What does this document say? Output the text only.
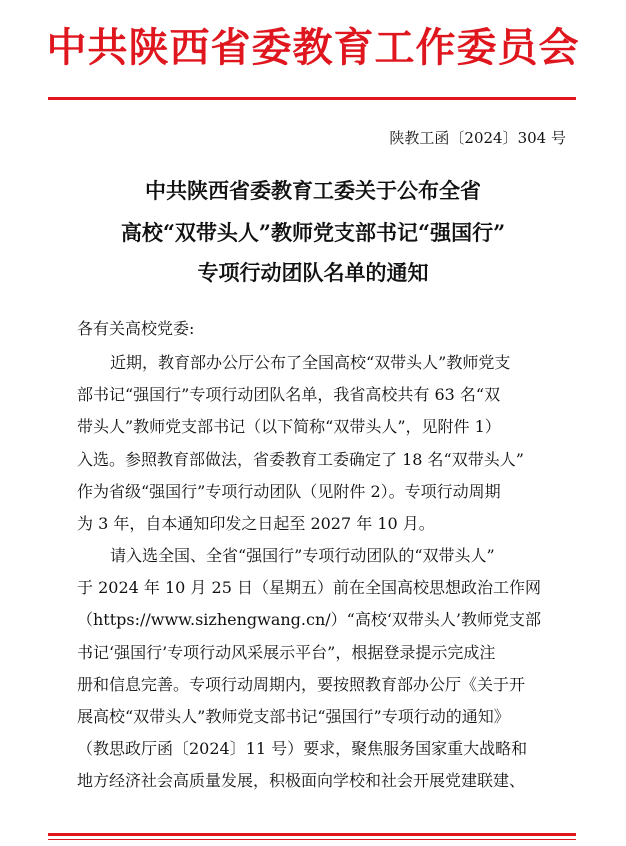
中共陕西省委教育工作委员会
陕教工函〔2024〕304 号
中共陕西省委教育工委关于公布全省
高校“双带头人”教师党支部书记“强国行”
专项行动团队名单的通知
各有关高校党委:
近期，教育部办公厅公布了全国高校“双带头人”教师党支
部书记“强国行”专项行动团队名单，我省高校共有 63 名“双
带头人”教师党支部书记（以下简称“双带头人”，见附件 1）
入选。参照教育部做法，省委教育工委确定了 18 名“双带头人”
作为省级“强国行”专项行动团队（见附件 2）。专项行动周期
为 3 年，自本通知印发之日起至 2027 年 10 月。
请入选全国、全省“强国行”专项行动团队的“双带头人”
于 2024 年 10 月 25 日（星期五）前在全国高校思想政治工作网
（https://www.sizhengwang.cn/）“高校‘双带头人’教师党支部
书记‘强国行’专项行动风采展示平台”，根据登录提示完成注
册和信息完善。专项行动周期内，要按照教育部办公厅《关于开
展高校“双带头人”教师党支部书记“强国行”专项行动的通知》
（教思政厅函〔2024〕11 号）要求，聚焦服务国家重大战略和
地方经济社会高质量发展，积极面向学校和社会开展党建联建、
